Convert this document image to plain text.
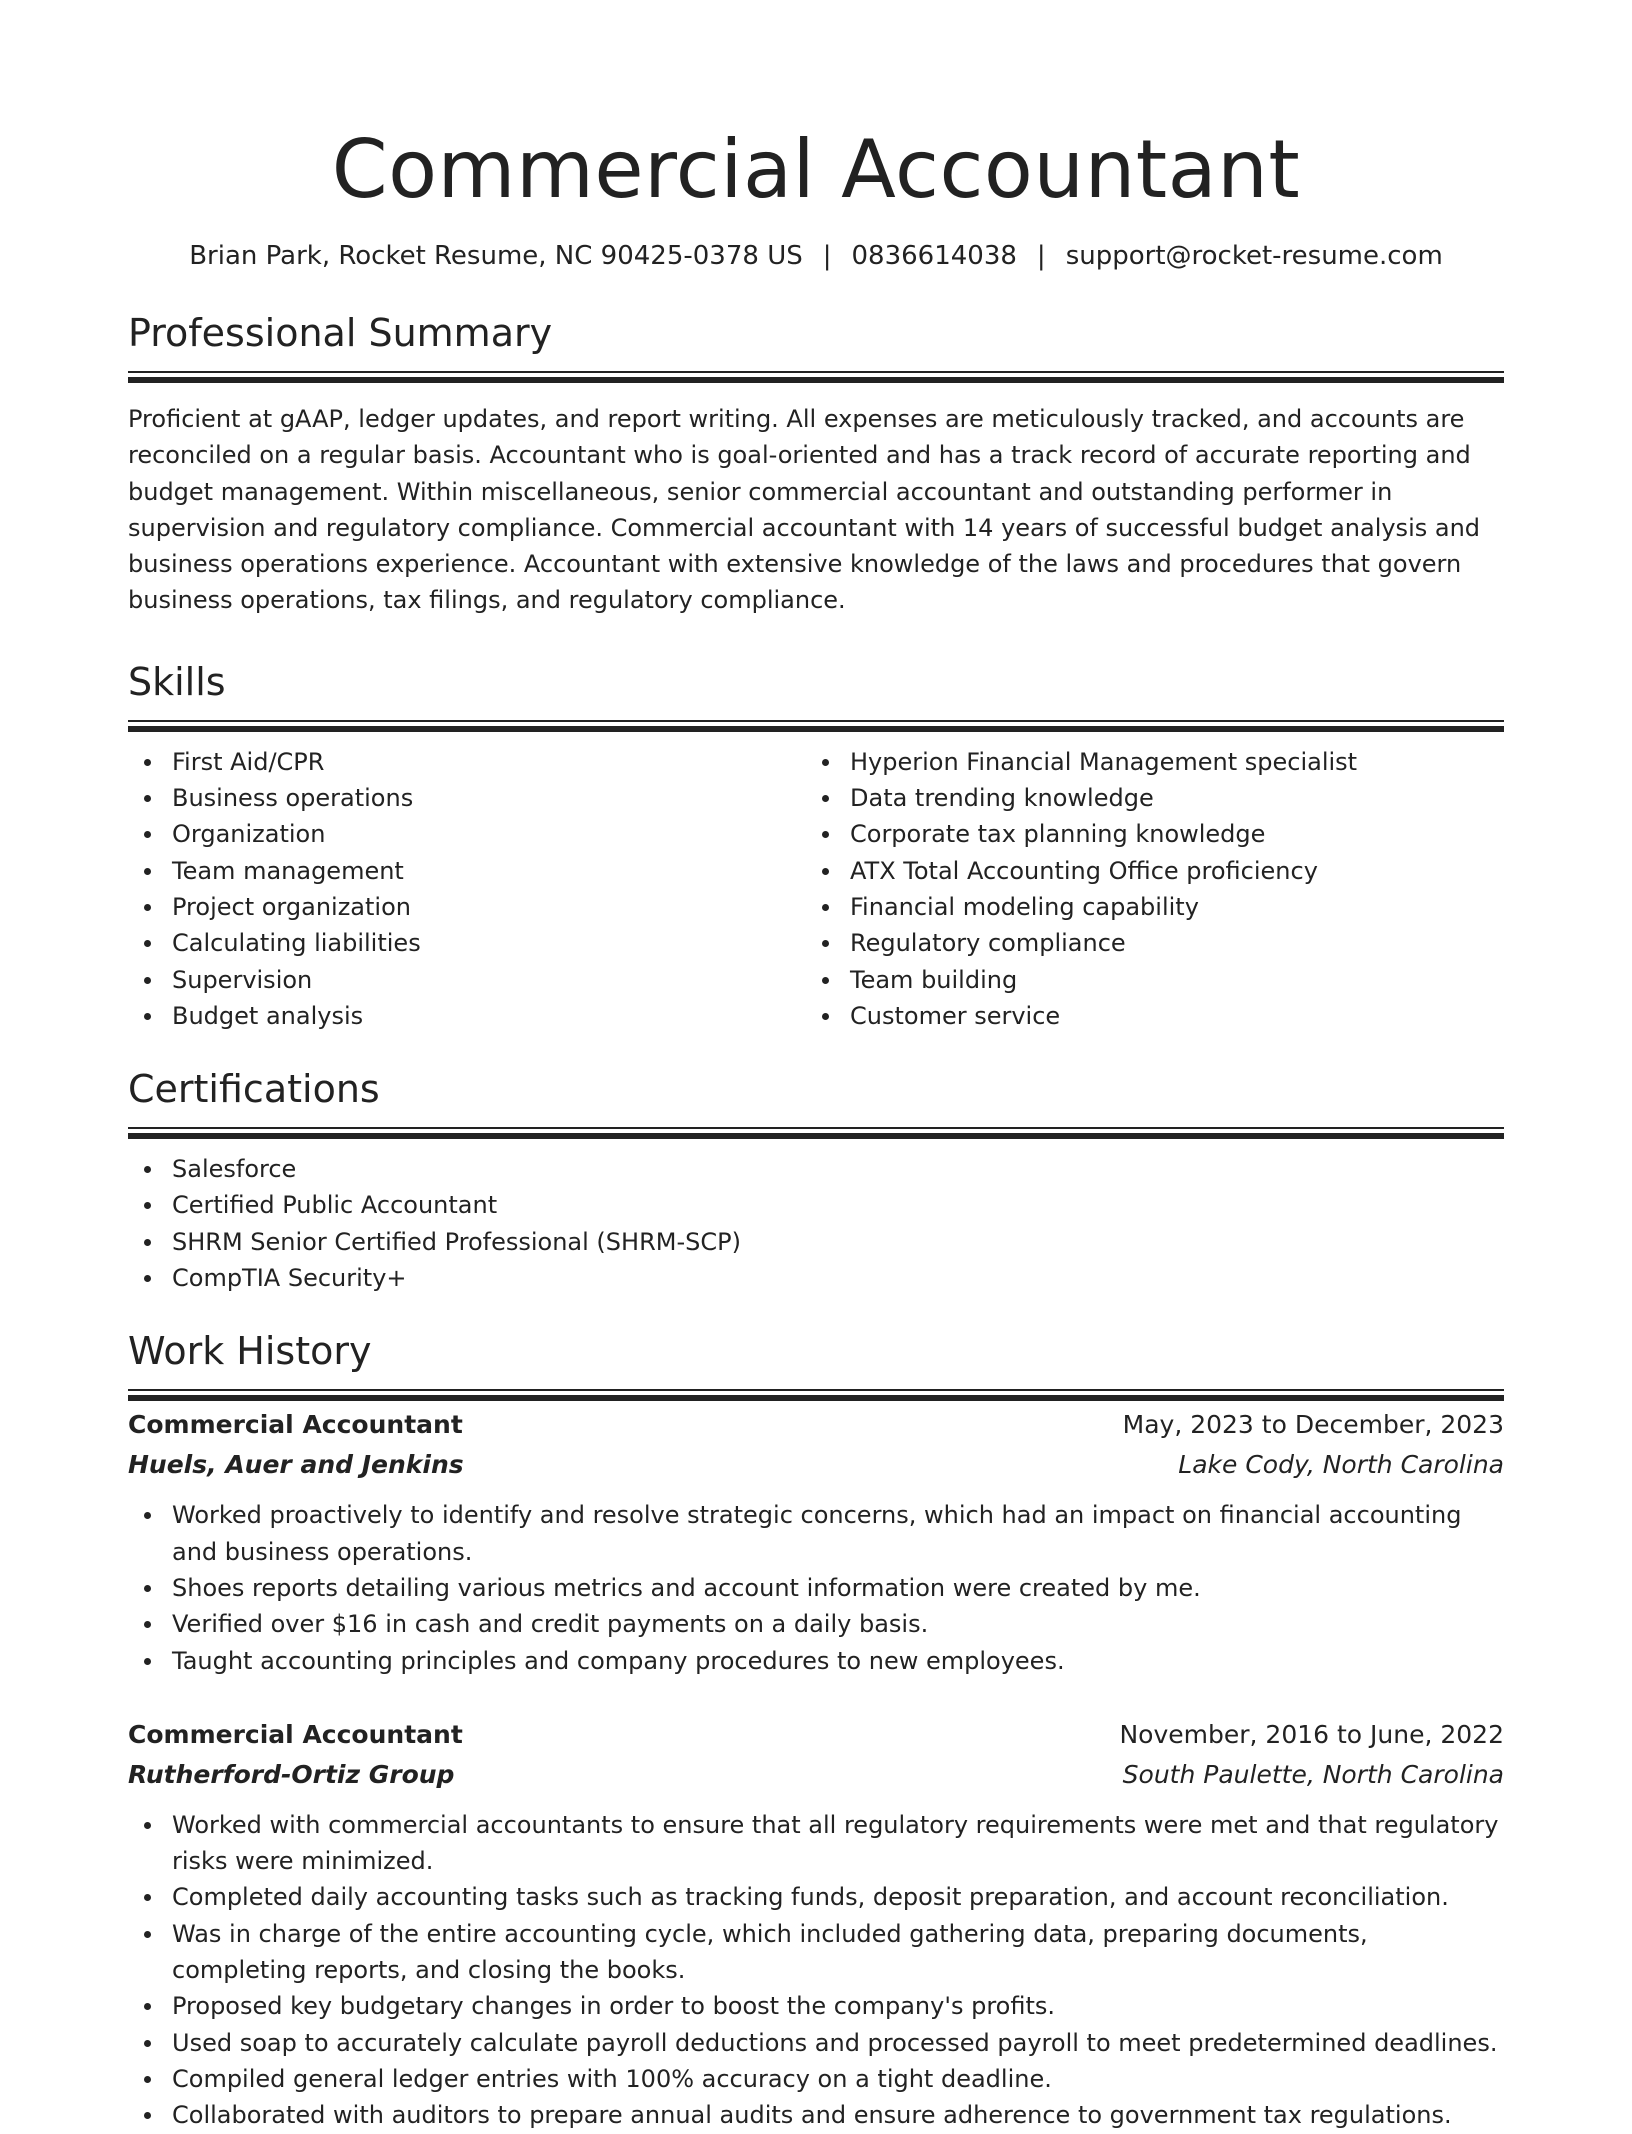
Commercial Accountant
Brian Park, Rocket Resume, NC 90425-0378 US | 0836614038 | support@rocket-resume.com
Professional Summary
Proficient at gAAP, ledger updates, and report writing. All expenses are meticulously tracked, and accounts are reconciled on a regular basis. Accountant who is goal-oriented and has a track record of accurate reporting and budget management. Within miscellaneous, senior commercial accountant and outstanding performer in supervision and regulatory compliance. Commercial accountant with 14 years of successful budget analysis and business operations experience. Accountant with extensive knowledge of the laws and procedures that govern business operations, tax filings, and regulatory compliance.
Skills
First Aid/CPR
Business operations
Organization
Team management
Project organization
Calculating liabilities
Supervision
Budget analysis
Hyperion Financial Management specialist
Data trending knowledge
Corporate tax planning knowledge
ATX Total Accounting Office proficiency
Financial modeling capability
Regulatory compliance
Team building
Customer service
Certifications
Salesforce
Certified Public Accountant
SHRM Senior Certified Professional (SHRM-SCP)
CompTIA Security+
Work History
Commercial Accountant	May, 2023 to December, 2023
Huels, Auer and Jenkins	Lake Cody, North Carolina
Worked proactively to identify and resolve strategic concerns, which had an impact on financial accounting and business operations.
Shoes reports detailing various metrics and account information were created by me.
Verified over $16 in cash and credit payments on a daily basis.
Taught accounting principles and company procedures to new employees.
Commercial Accountant	November, 2016 to June, 2022
Rutherford-Ortiz Group	South Paulette, North Carolina
Worked with commercial accountants to ensure that all regulatory requirements were met and that regulatory risks were minimized.
Completed daily accounting tasks such as tracking funds, deposit preparation, and account reconciliation.
Was in charge of the entire accounting cycle, which included gathering data, preparing documents, completing reports, and closing the books.
Proposed key budgetary changes in order to boost the company's profits.
Used soap to accurately calculate payroll deductions and processed payroll to meet predetermined deadlines.
Compiled general ledger entries with 100% accuracy on a tight deadline.
Collaborated with auditors to prepare annual audits and ensure adherence to government tax regulations.
